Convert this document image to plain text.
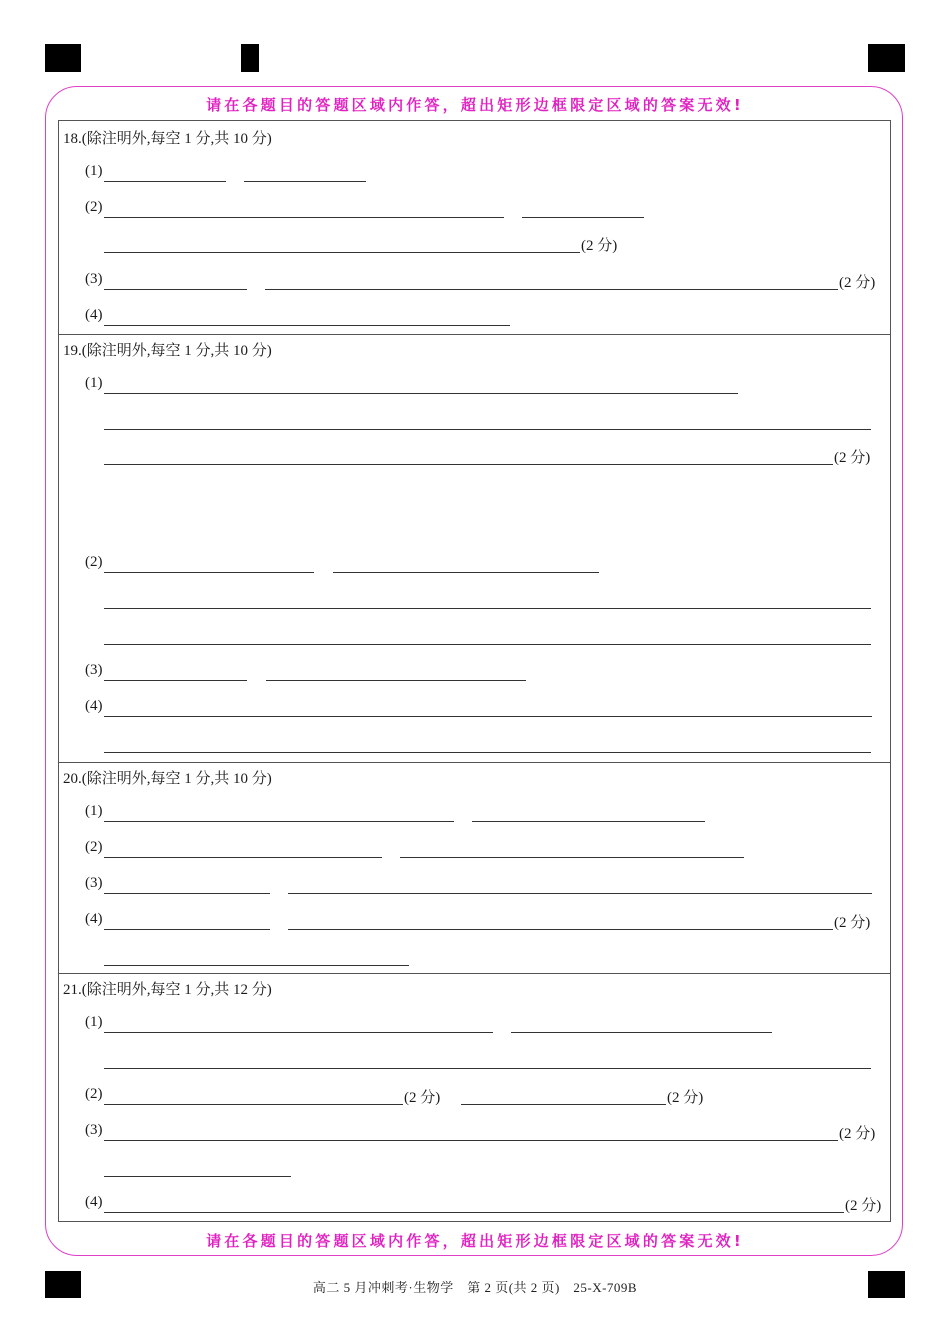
请在各题目的答题区域内作答，超出矩形边框限定区域的答案无效!
18.(除注明外,每空 1 分,共 10 分)
(1)
(2)
(2 分)
(3)	(2 分)
(4)
19.(除注明外,每空 1 分,共 10 分)
(1)
(2 分)
(2)
(3)
(4)
20.(除注明外,每空 1 分,共 10 分)
(1)
(2)
(3)
(4)	(2 分)
21.(除注明外,每空 1 分,共 12 分)
(1)
(2)	(2 分)	(2 分)
(3)	(2 分)
(4)	(2 分)
请在各题目的答题区域内作答，超出矩形边框限定区域的答案无效!
高二 5 月冲刺考·生物学　第 2 页(共 2 页)　25-X-709B
